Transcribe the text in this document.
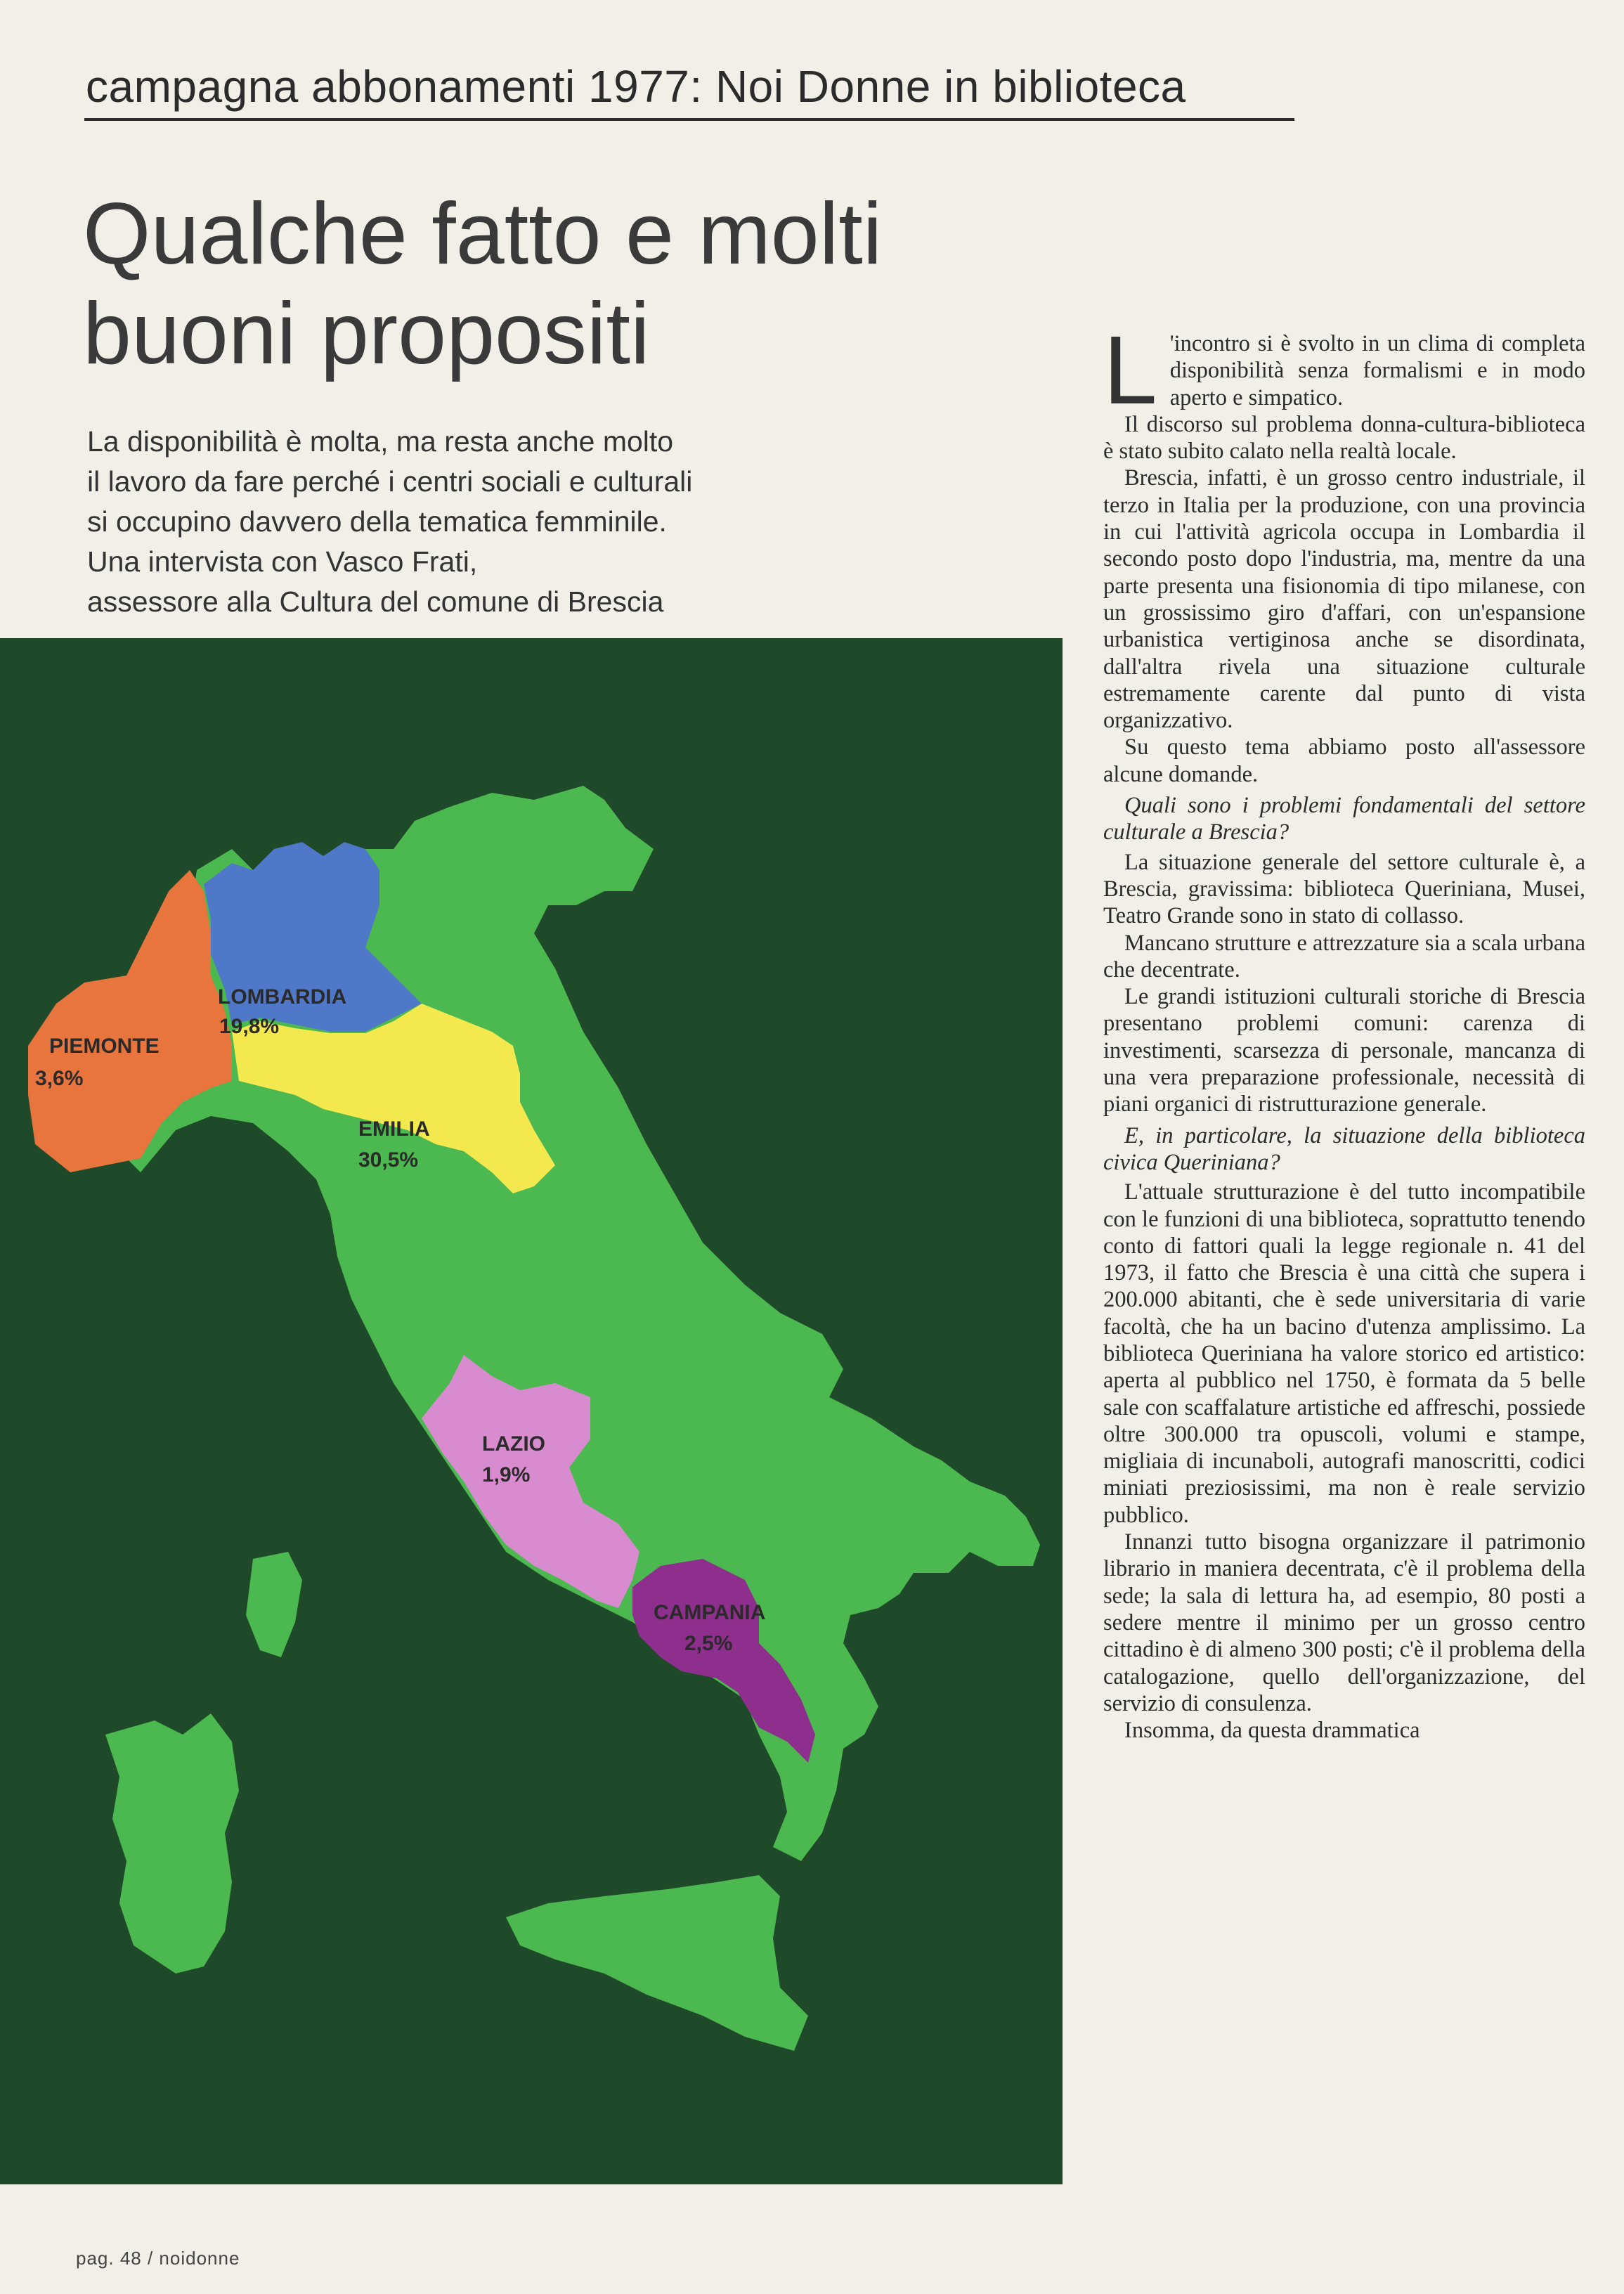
campagna abbonamenti 1977: Noi Donne in biblioteca
Qualche fatto e molti
buoni propositi
La disponibilità è molta, ma resta anche molto
il lavoro da fare perché i centri sociali e culturali
si occupino davvero della tematica femminile.
Una intervista con Vasco Frati,
assessore alla Cultura del comune di Brescia
PIEMONTE
3,6%
LOMBARDIA
19,8%
EMILIA
30,5%
LAZIO
1,9%
CAMPANIA
2,5%

L 'incontro si è svolto in un clima di completa disponibilità senza formalismi e in modo aperto e simpatico.

Il discorso sul problema donna-cultura-biblioteca è stato subito calato nella realtà locale.

Brescia, infatti, è un grosso centro industriale, il terzo in Italia per la produzione, con una provincia in cui l'attività agricola occupa in Lombardia il secondo posto dopo l'industria, ma, mentre da una parte presenta una fisionomia di tipo milanese, con un grossissimo giro d'affari, con un'espansione urbanistica vertiginosa anche se disordinata, dall'altra rivela una situazione culturale estremamente carente dal punto di vista organizzativo.

Su questo tema abbiamo posto all'assessore alcune domande.

Quali sono i problemi fondamentali del settore culturale a Brescia?

La situazione generale del settore culturale è, a Brescia, gravissima: biblioteca Queriniana, Musei, Teatro Grande sono in stato di collasso.

Mancano strutture e attrezzature sia a scala urbana che decentrate.

Le grandi istituzioni culturali storiche di Brescia presentano problemi comuni: carenza di investimenti, scarsezza di personale, mancanza di una vera preparazione professionale, necessità di piani organici di ristrutturazione generale.

E, in particolare, la situazione della biblioteca civica Queriniana?

L'attuale strutturazione è del tutto incompatibile con le funzioni di una biblioteca, soprattutto tenendo conto di fattori quali la legge regionale n. 41 del 1973, il fatto che Brescia è una città che supera i 200.000 abitanti, che è sede universitaria di varie facoltà, che ha un bacino d'utenza amplissimo. La biblioteca Queriniana ha valore storico ed artistico: aperta al pubblico nel 1750, è formata da 5 belle sale con scaffalature artistiche ed affreschi, possiede oltre 300.000 tra opuscoli, volumi e stampe, migliaia di incunaboli, autografi manoscritti, codici miniati preziosissimi, ma non è reale servizio pubblico.

Innanzi tutto bisogna organizzare il patrimonio librario in maniera decentrata, c'è il problema della sede; la sala di lettura ha, ad esempio, 80 posti a sedere mentre il minimo per un grosso centro cittadino è di almeno 300 posti; c'è il problema della catalogazione, quello dell'organizzazione, del servizio di consulenza.

Insomma, da questa drammatica

pag. 48 / noidonne
